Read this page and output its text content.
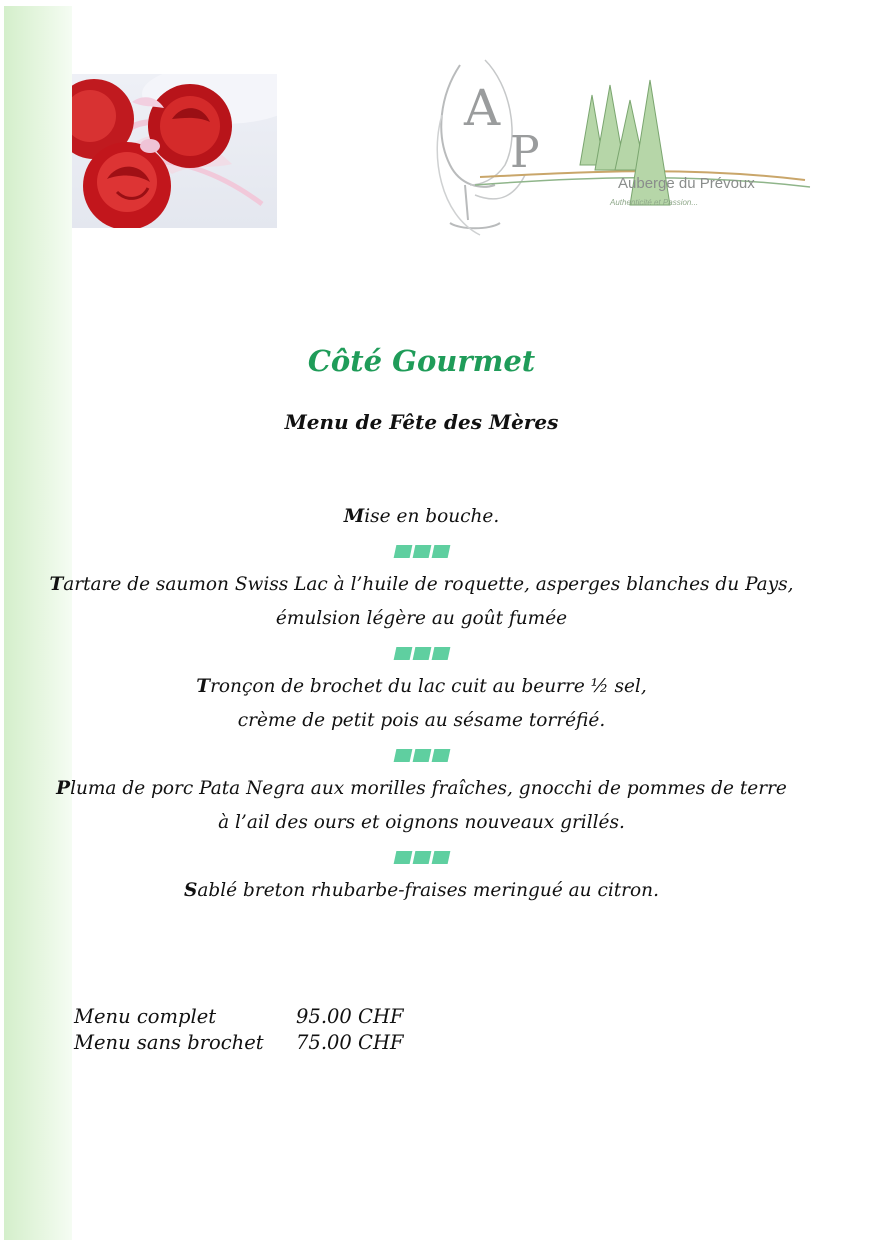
A
P
Auberge du Prévoux
Authenticité et Passion...
Côté Gourmet
Menu de Fête des Mères
Mise en bouche.
Tartare de saumon Swiss Lac à l’huile de roquette, asperges blanches du Pays,
émulsion légère au goût fumée
Tronçon de brochet du lac cuit au beurre ½ sel,
crème de petit pois au sésame torréfié.
Pluma de porc Pata Negra aux morilles fraîches, gnocchi de pommes de terre
à l’ail des ours et oignons nouveaux grillés.
Sablé breton rhubarbe-fraises meringué au citron.
Menu complet	95.00 CHF
Menu sans brochet	75.00 CHF
